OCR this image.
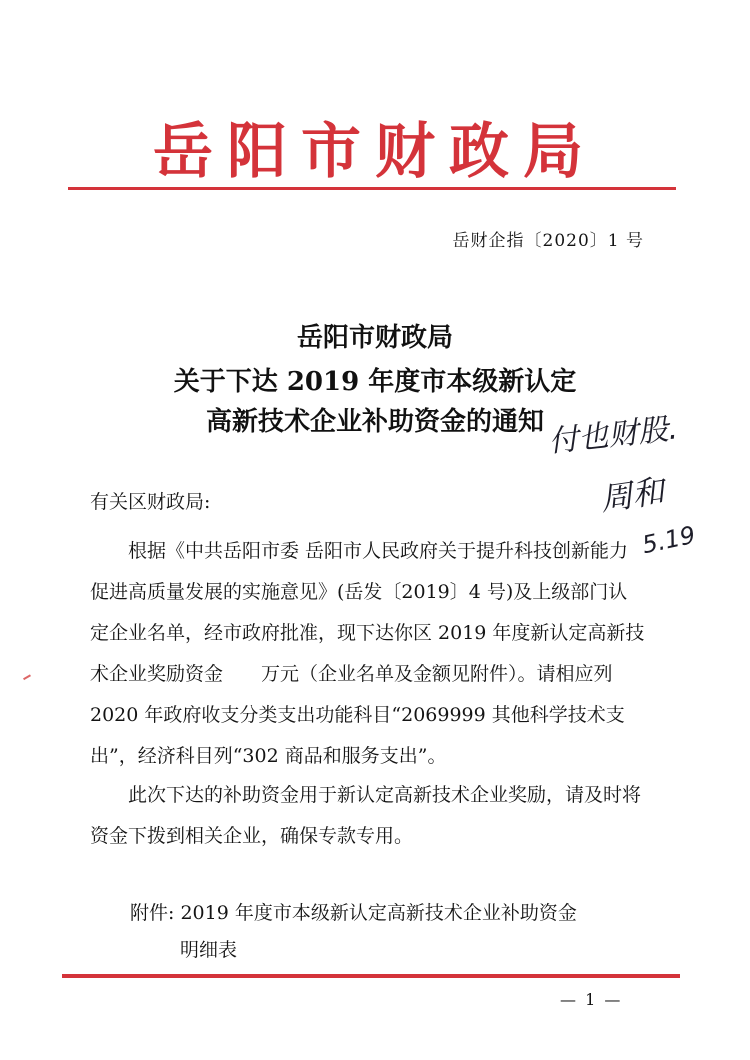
岳阳市财政局
岳财企指〔2020〕1 号
岳阳市财政局
关于下达 2019 年度市本级新认定
高新技术企业补助资金的通知
有关区财政局:
根据《中共岳阳市委 岳阳市人民政府关于提升科技创新能力促进高质量发展的实施意见》(岳发〔2019〕4 号)及上级部门认定企业名单，经市政府批准，现下达你区 2019 年度新认定高新技术企业奖励资金　　万元（企业名单及金额见附件）。请相应列 2020 年政府收支分类支出功能科目“2069999 其他科学技术支出”，经济科目列“302 商品和服务支出”。
此次下达的补助资金用于新认定高新技术企业奖励，请及时将资金下拨到相关企业，确保专款专用。
附件: 2019 年度市本级新认定高新技术企业补助资金
明细表
— 1 —
付也财股.
周和
5.19
